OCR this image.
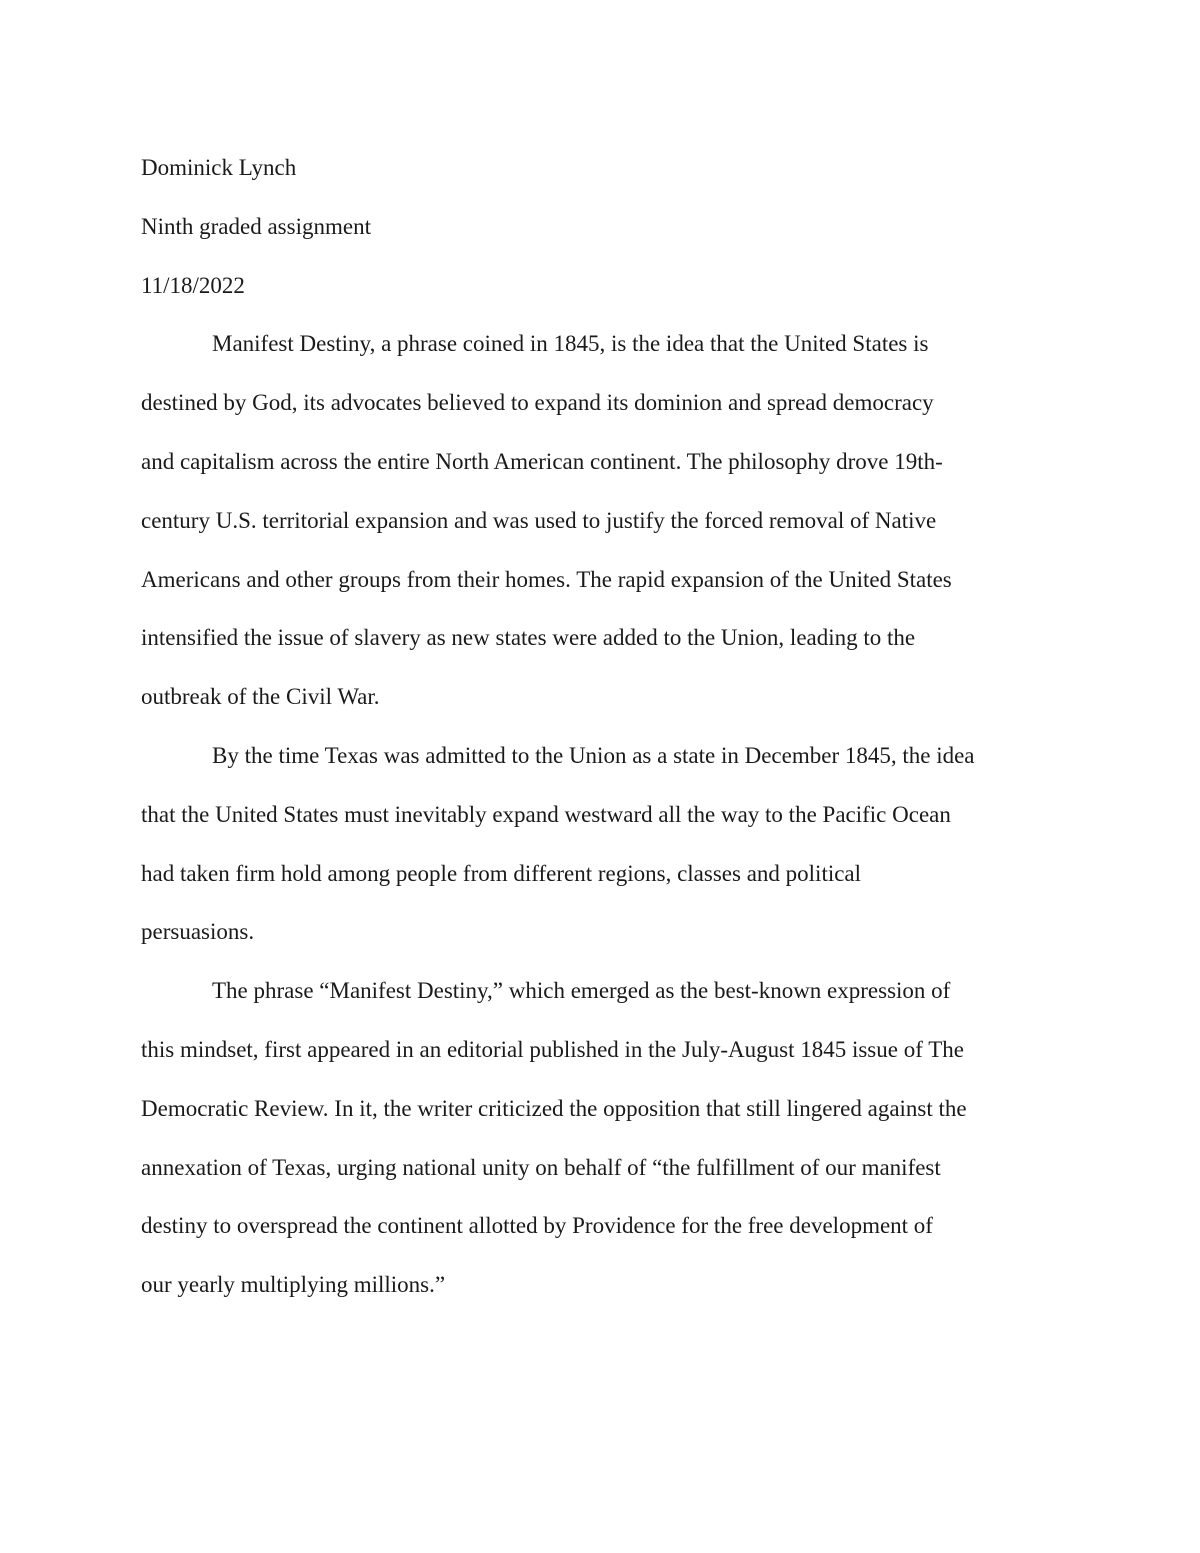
Dominick Lynch

Ninth graded assignment

11/18/2022

Manifest Destiny, a phrase coined in 1845, is the idea that the United States is

destined by God, its advocates believed to expand its dominion and spread democracy

and capitalism across the entire North American continent. The philosophy drove 19th-

century U.S. territorial expansion and was used to justify the forced removal of Native

Americans and other groups from their homes. The rapid expansion of the United States

intensified the issue of slavery as new states were added to the Union, leading to the

outbreak of the Civil War.

By the time Texas was admitted to the Union as a state in December 1845, the idea

that the United States must inevitably expand westward all the way to the Pacific Ocean

had taken firm hold among people from different regions, classes and political

persuasions.

The phrase “Manifest Destiny,” which emerged as the best-known expression of

this mindset, first appeared in an editorial published in the July-August 1845 issue of The

Democratic Review. In it, the writer criticized the opposition that still lingered against the

annexation of Texas, urging national unity on behalf of “the fulfillment of our manifest

destiny to overspread the continent allotted by Providence for the free development of

our yearly multiplying millions.”
